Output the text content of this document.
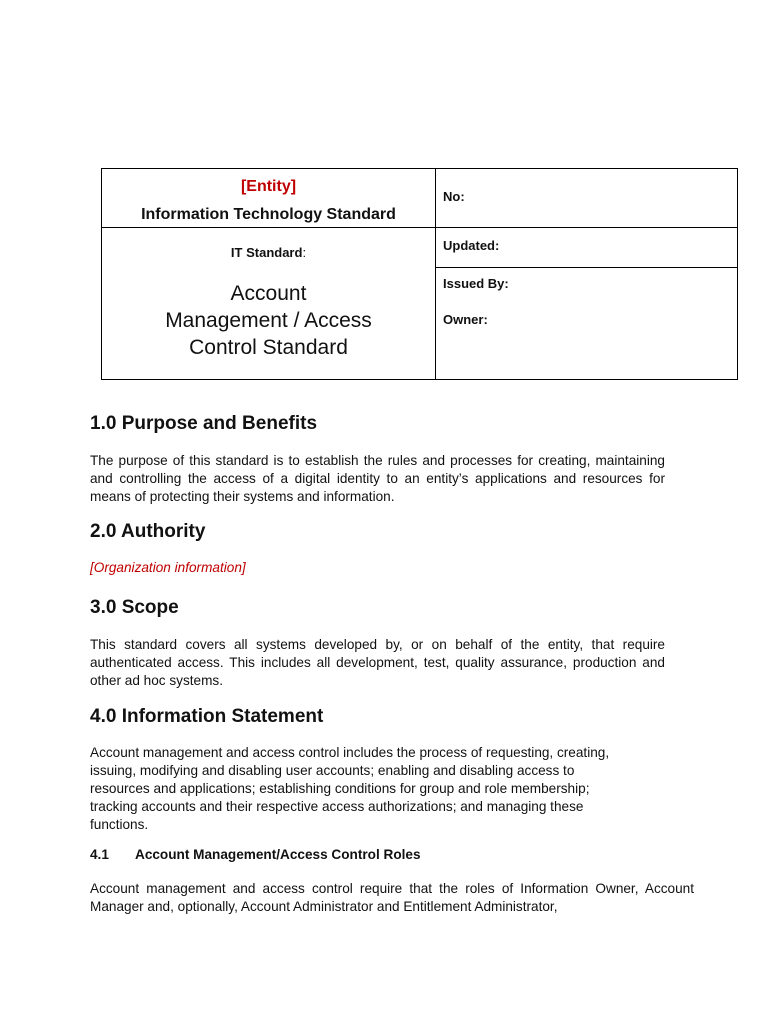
[Entity]
Information Technology Standard
IT Standard:
Account
Management / Access
Control Standard
No:
Updated:
Issued By:
Owner:
1.0 Purpose and Benefits

The purpose of this standard is to establish the rules and processes for creating, maintaining and controlling the access of a digital identity to an entity’s applications and resources for means of protecting their systems and information.

2.0 Authority

[Organization information]

3.0 Scope

This standard covers all systems developed by, or on behalf of the entity, that require authenticated access. This includes all development, test, quality assurance, production and other ad hoc systems.

4.0 Information Statement
Account management and access control includes the process of requesting, creating,
issuing, modifying and disabling user accounts; enabling and disabling access to
resources and applications; establishing conditions for group and role membership;
tracking accounts and their respective access authorizations; and managing these
functions.
4.1 Account Management/Access Control Roles

Account management and access control require that the roles of Information Owner, Account Manager and, optionally, Account Administrator and Entitlement Administrator,
